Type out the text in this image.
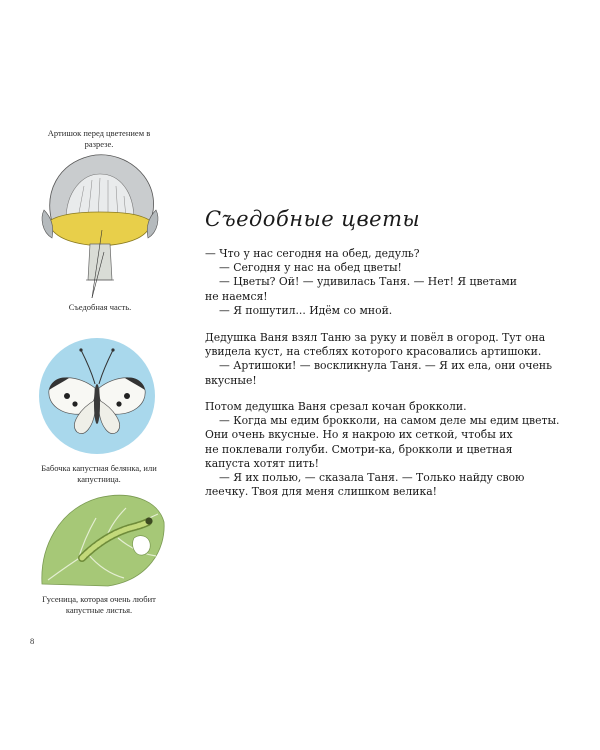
Артишок перед цветением в разрезе.
Съедобная часть.
Бабочка капустная белянка, или капустница.
Гусеница, которая очень любит капустные листья.
8
Съедобные цветы
— Что у нас сегодня на обед, дедуль?
— Сегодня у нас на обед цветы!
— Цветы? Ой! — удивилась Таня. — Нет! Я цветами
не наемся!
— Я пошутил... Идём со мной.
Дедушка Ваня взял Таню за руку и повёл в огород. Тут она
увидела куст, на стеблях которого красовались артишоки.
— Артишоки! — воскликнула Таня. — Я их ела, они очень
вкусные!
Потом дедушка Ваня срезал кочан брокколи.
— Когда мы едим брокколи, на самом деле мы едим цветы.
Они очень вкусные. Но я накрою их сеткой, чтобы их
не поклевали голуби. Смотри-ка, брокколи и цветная
капуста хотят пить!
— Я их полью, — сказала Таня. — Только найду свою
леечку. Твоя для меня слишком велика!
